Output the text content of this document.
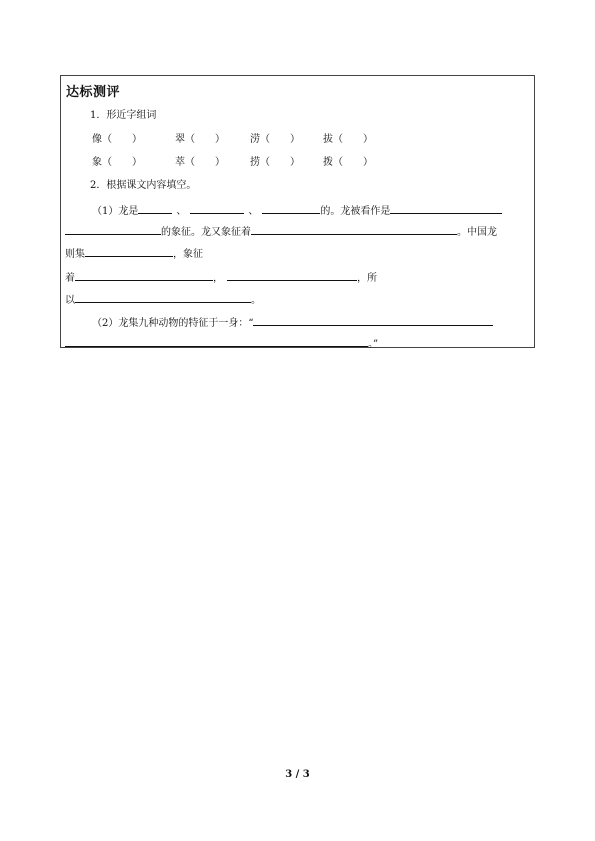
达标测评
1．形近字组词
像（　　）	翠（　　）	涝（　　） 拔（　　）
象（　　）	萃（　　）	捞（　　） 拨（　　）
2．根据课文内容填空。
（1）龙是	、	、	的。龙被看作是
的象征。龙又象征着	。中国龙
则集	，象征
着	，	，所
以	。
（2）龙集九种动物的特征于一身：“
。”
3 / 3
